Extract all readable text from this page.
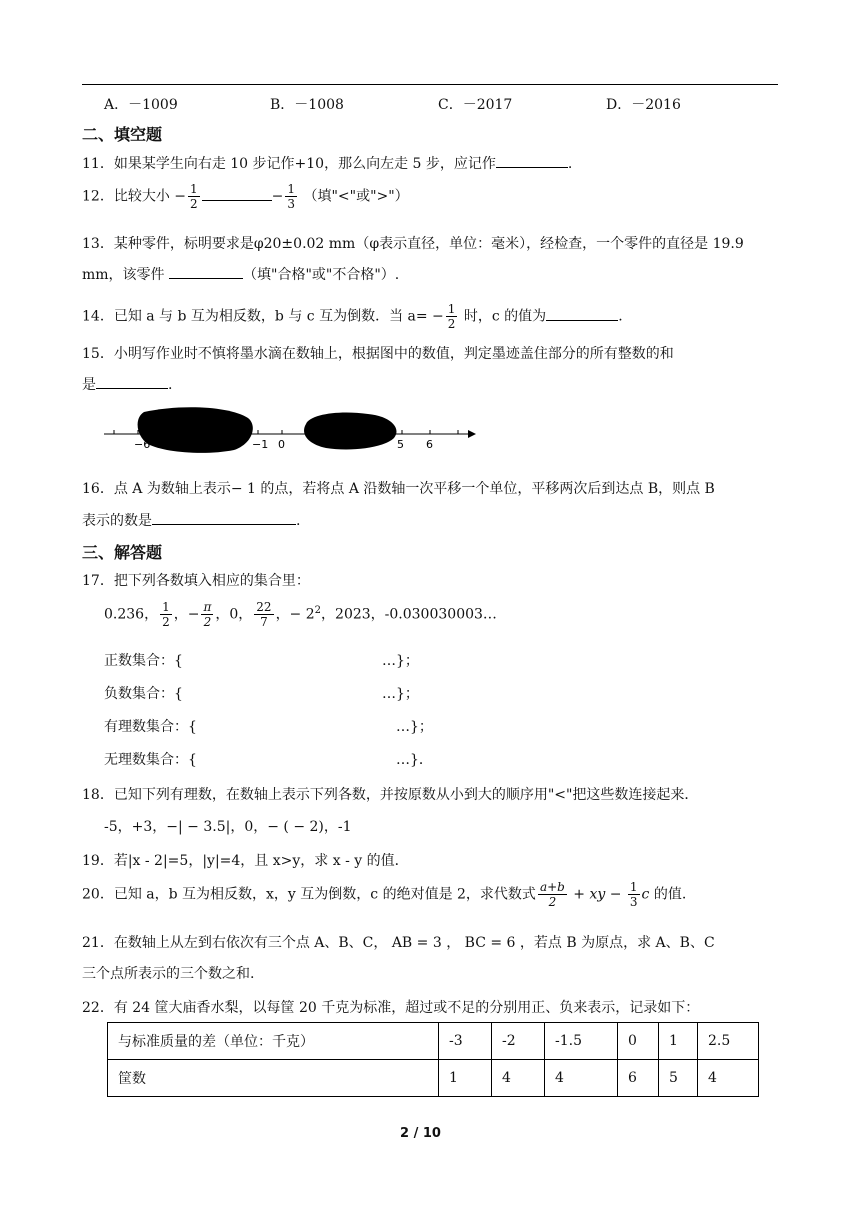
A．－1009	B．－1008	C．－2017	D．－2016
二、填空题
11．如果某学生向右走 10 步记作+10，那么向左走 5 步，应记作	.
12．比较大小 − $\frac{1}{2}$	− $\frac{1}{3}$ （填"<"或">"）
13．某种零件，标明要求是φ20±0.02 mm（φ表示直径，单位：毫米），经检查，一个零件的直径是 19.9
mm，该零件	（填"合格"或"不合格"）.
14．已知 a 与 b 互为相反数，b 与 c 互为倒数．当 $a= - \frac{1}{2}$ 时，c 的值为	.
15．小明写作业时不慎将墨水滴在数轴上，根据图中的数值，判定墨迹盖住部分的所有整数的和
是	.
−6	−1 0	5 6
16．点 A 为数轴上表示− 1 的点，若将点 A 沿数轴一次平移一个单位，平移两次后到达点 B，则点 B
表示的数是	.
三、解答题
17．把下列各数填入相应的集合里：
0.236， $\frac{1}{2}$ ，− $\frac{\pi}{2}$ ，0， $\frac{22}{7}$ ，− $2^2$，2023，-0.030030003…
正数集合：{	…}；
负数集合：{	…}；
有理数集合：{	…}；
无理数集合：{	…}．
18．已知下列有理数，在数轴上表示下列各数，并按原数从小到大的顺序用"<"把这些数连接起来．
-5，+3，−| − 3.5|，0，− ( − 2)，-1
19．若|x - 2|=5，|y|=4，且 x>y，求 x - y 的值．
20．已知 a，b 互为相反数，x，y 互为倒数，c 的绝对值是 2，求代数式 $\frac{a+b}{2}$ + xy − $\frac{1}{3}$ c 的值.
21．在数轴上从左到右依次有三个点 A、B、C， AB = 3 ， BC = 6 ，若点 B 为原点，求 A、B、C
三个点所表示的三个数之和.
22．有 24 筐大庙香水梨，以每筐 20 千克为标准，超过或不足的分别用正、负来表示，记录如下：
与标准质量的差（单位：千克）	-3	-2	-1.5	0	1	2.5
筐数	1	4	4	6	5	4
2 / 10
